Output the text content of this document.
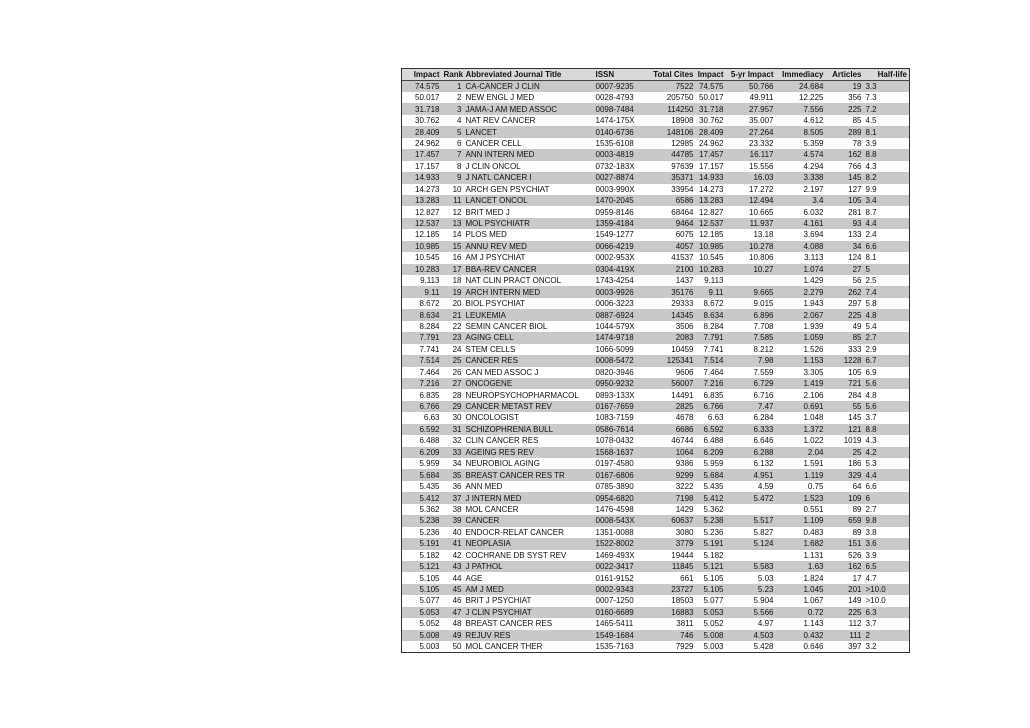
Impact	Rank	Abbreviated Journal Title	ISSN	Total Cites	Impact	5-yr Impact	Immediacy	Articles	Half-life
74.575	1	CA-CANCER J CLIN	0007-9235	7522	74.575	50.766	24.684	19	3.3
50.017	2	NEW ENGL J MED	0028-4793	205750	50.017	49.911	12.225	356	7.3
31.718	3	JAMA-J AM MED ASSOC	0098-7484	114250	31.718	27.957	7.556	225	7.2
30.762	4	NAT REV CANCER	1474-175X	18908	30.762	35.007	4.612	85	4.5
28.409	5	LANCET	0140-6736	148106	28.409	27.264	8.505	289	8.1
24.962	6	CANCER CELL	1535-6108	12985	24.962	23.332	5.359	78	3.9
17.457	7	ANN INTERN MED	0003-4819	44785	17.457	16.117	4.574	162	8.8
17.157	8	J CLIN ONCOL	0732-183X	97639	17.157	15.556	4.294	766	4.3
14.933	9	J NATL CANCER I	0027-8874	35371	14.933	16.03	3.338	145	8.2
14.273	10	ARCH GEN PSYCHIAT	0003-990X	33954	14.273	17.272	2.197	127	9.9
13.283	11	LANCET ONCOL	1470-2045	6586	13.283	12.494	3.4	105	3.4
12.827	12	BRIT MED J	0959-8146	68464	12.827	10.665	6.032	281	8.7
12.537	13	MOL PSYCHIATR	1359-4184	9464	12.537	11.937	4.161	93	4.4
12.185	14	PLOS MED	1549-1277	6075	12.185	13.18	3.694	133	2.4
10.985	15	ANNU REV MED	0066-4219	4057	10.985	10.278	4.088	34	6.6
10.545	16	AM J PSYCHIAT	0002-953X	41537	10.545	10.806	3.113	124	8.1
10.283	17	BBA-REV CANCER	0304-419X	2100	10.283	10.27	1.074	27	5
9.113	18	NAT CLIN PRACT ONCOL	1743-4254	1437	9.113		1.429	56	2.5
9.11	19	ARCH INTERN MED	0003-9926	35176	9.11	9.665	2.279	262	7.4
8.672	20	BIOL PSYCHIAT	0006-3223	29333	8.672	9.015	1.943	297	5.8
8.634	21	LEUKEMIA	0887-6924	14345	8.634	6.896	2.067	225	4.8
8.284	22	SEMIN CANCER BIOL	1044-579X	3506	8.284	7.708	1.939	49	5.4
7.791	23	AGING CELL	1474-9718	2083	7.791	7.585	1.059	85	2.7
7.741	24	STEM CELLS	1066-5099	10459	7.741	8.212	1.526	333	2.9
7.514	25	CANCER RES	0008-5472	125341	7.514	7.98	1.153	1228	6.7
7.464	26	CAN MED ASSOC J	0820-3946	9606	7.464	7.559	3.305	105	6.9
7.216	27	ONCOGENE	0950-9232	56007	7.216	6.729	1.419	721	5.6
6.835	28	NEUROPSYCHOPHARMACOL	0893-133X	14491	6.835	6.716	2.106	284	4.8
6.766	29	CANCER METAST REV	0167-7659	2825	6.766	7.47	0.691	55	5.6
6.63	30	ONCOLOGIST	1083-7159	4678	6.63	6.284	1.048	145	3.7
6.592	31	SCHIZOPHRENIA BULL	0586-7614	6686	6.592	6.333	1.372	121	8.8
6.488	32	CLIN CANCER RES	1078-0432	46744	6.488	6.646	1.022	1019	4.3
6.209	33	AGEING RES REV	1568-1637	1064	6.209	6.288	2.04	25	4.2
5.959	34	NEUROBIOL AGING	0197-4580	9386	5.959	6.132	1.591	186	5.3
5.684	35	BREAST CANCER RES TR	0167-6806	9299	5.684	4.951	1.119	329	4.4
5.435	36	ANN MED	0785-3890	3222	5.435	4.59	0.75	64	6.6
5.412	37	J INTERN MED	0954-6820	7198	5.412	5.472	1.523	109	6
5.362	38	MOL CANCER	1476-4598	1429	5.362		0.551	89	2.7
5.238	39	CANCER	0008-543X	60637	5.238	5.517	1.109	659	9.8
5.236	40	ENDOCR-RELAT CANCER	1351-0088	3080	5.236	5.827	0.483	89	3.8
5.191	41	NEOPLASIA	1522-8002	3779	5.191	5.124	1.682	151	3.6
5.182	42	COCHRANE DB SYST REV	1469-493X	19444	5.182		1.131	526	3.9
5.121	43	J PATHOL	0022-3417	11845	5.121	5.583	1.63	162	6.5
5.105	44	AGE	0161-9152	661	5.105	5.03	1.824	17	4.7
5.105	45	AM J MED	0002-9343	23727	5.105	5.23	1.045	201	>10.0
5.077	46	BRIT J PSYCHIAT	0007-1250	18503	5.077	5.904	1.067	149	>10.0
5.053	47	J CLIN PSYCHIAT	0160-6689	16883	5.053	5.566	0.72	225	6.3
5.052	48	BREAST CANCER RES	1465-5411	3811	5.052	4.97	1.143	112	3.7
5.008	49	REJUV RES	1549-1684	746	5.008	4.503	0.432	111	2
5.003	50	MOL CANCER THER	1535-7163	7929	5.003	5.428	0.646	397	3.2
